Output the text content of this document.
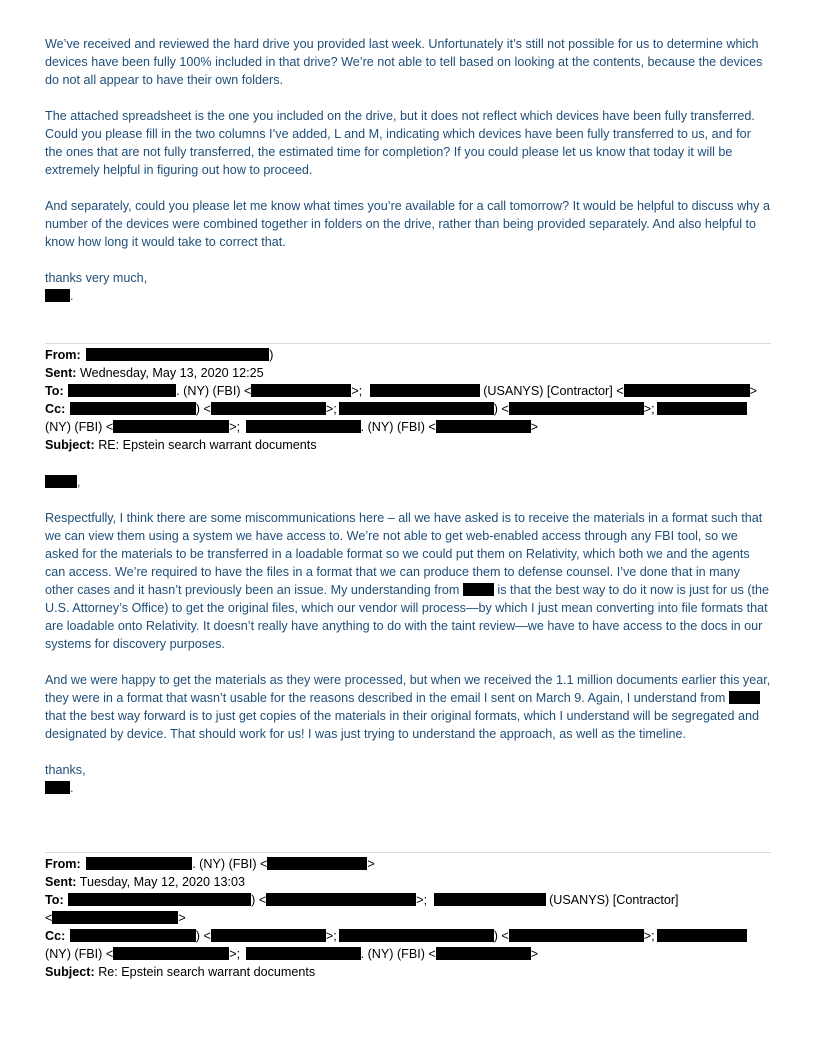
We’ve received and reviewed the hard drive you provided last week. Unfortunately it’s still not possible for us to determine which devices have been fully 100% included in that drive? We’re not able to tell based on looking at the contents, because the devices do not all appear to have their own folders.

The attached spreadsheet is the one you included on the drive, but it does not reflect which devices have been fully transferred. Could you please fill in the two columns I’ve added, L and M, indicating which devices have been fully transferred to us, and for the ones that are not fully transferred, the estimated time for completion? If you could please let us know that today it will be extremely helpful in figuring out how to proceed.

And separately, could you please let me know what times you’re available for a call tomorrow? It would be helpful to discuss why a number of the devices were combined together in folders on the drive, rather than being provided separately. And also helpful to know how long it would take to correct that.

thanks very much,
.
From:	)
Sent: Wednesday, May 13, 2020 12:25
To:	. (NY) (FBI) <	>;	(USANYS) [Contractor] <	>
Cc:	) <	>;	) <	>;
(NY) (FBI) <	>;	. (NY) (FBI) <	>
Subject: RE: Epstein search warrant documents
,

Respectfully, I think there are some miscommunications here – all we have asked is to receive the materials in a format such that we can view them using a system we have access to. We’re not able to get web-enabled access through any FBI tool, so we asked for the materials to be transferred in a loadable format so we could put them on Relativity, which both we and the agents can access. We’re required to have the files in a format that we can produce them to defense counsel. I’ve done that in many other cases and it hasn’t previously been an issue. My understanding from  is that the best way to do it now is just for us (the U.S. Attorney’s Office) to get the original files, which our vendor will process—by which I just mean converting into file formats that are loadable onto Relativity. It doesn’t really have anything to do with the taint review—we have to have access to the docs in our systems for discovery purposes.

And we were happy to get the materials as they were processed, but when we received the 1.1 million documents earlier this year, they were in a format that wasn’t usable for the reasons described in the email I sent on March 9. Again, I understand from  that the best way forward is to just get copies of the materials in their original formats, which I understand will be segregated and designated by device. That should work for us! I was just trying to understand the approach, as well as the timeline.

thanks,
.
From:	. (NY) (FBI) <	>
Sent: Tuesday, May 12, 2020 13:03
To:	) <	>;	(USANYS) [Contractor]
<	>
Cc:	) <	>;	) <	>;
(NY) (FBI) <	>;	. (NY) (FBI) <	>
Subject: Re: Epstein search warrant documents
